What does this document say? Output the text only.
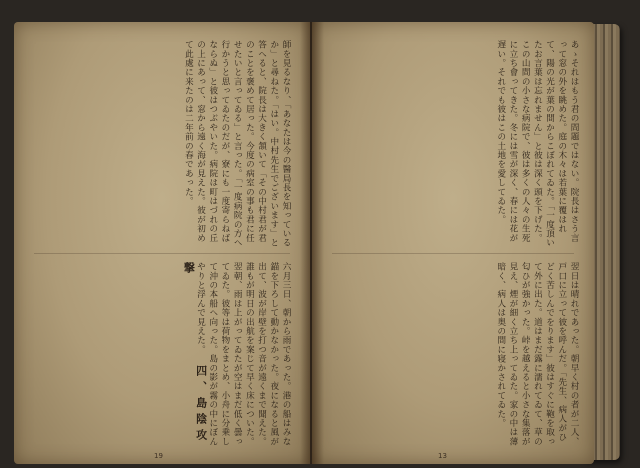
師を見るなり、「あなたは今の醫局長を知っているか」と尋ねた。「はい。中村先生でございます」と答へると、院長は大きく頷いて「その中村君が君のことを褒めて居った。今度の病室の事も君に任せたいと言ってゐる」と言った。「一度病院の方へ行かうと思ってゐたのだが、寮にも一度寄らねばならぬ」と彼はつぶやいた。病院は町はづれの丘の上にあって、窓から遠く海が見えた。彼が初めて此處に来たのは二年前の春であった。
六月三日、朝から雨であった。港の船はみな錨を下ろして動かなかった。夜になると風が出て、波が岸壁を打つ音が遠くまで聞えた。誰もが明日の出航を案じて早く床についた。翌朝、雨は上がってゐたが空はまだ低く曇ってゐた。彼等は荷物をまとめ、小舟に分乗して沖の本船へ向った。島の影が霧の中にぼんやりと浮んで見えた。 四、島陰攻撃
19
あゝそれはもう君の問題ではない。院長はさう言って窓の外を眺めた。庭の木々は若葉に覆はれて、陽の光が葉の間からこぼれてゐた。「一度頂いたお言葉は忘れません」と彼は深く頭を下げた。この山間の小さな病院で、彼は多くの人々の生死に立ち會ってきた。冬には雪が深く、春には花が遅い。それでも彼はこの土地を愛してゐた。
翌日は晴れであった。朝早く村の者が二人、戸口に立って彼を呼んだ。「先生、病人がひどく苦しんでをります」彼はすぐに鞄を取って外に出た。道はまだ露に濡れてゐて、草の匂ひが強かった。峠を越えると小さな集落が見え、煙が細く立ち上ってゐた。家の中は薄暗く、病人は奥の間に寝かされてゐた。
13
